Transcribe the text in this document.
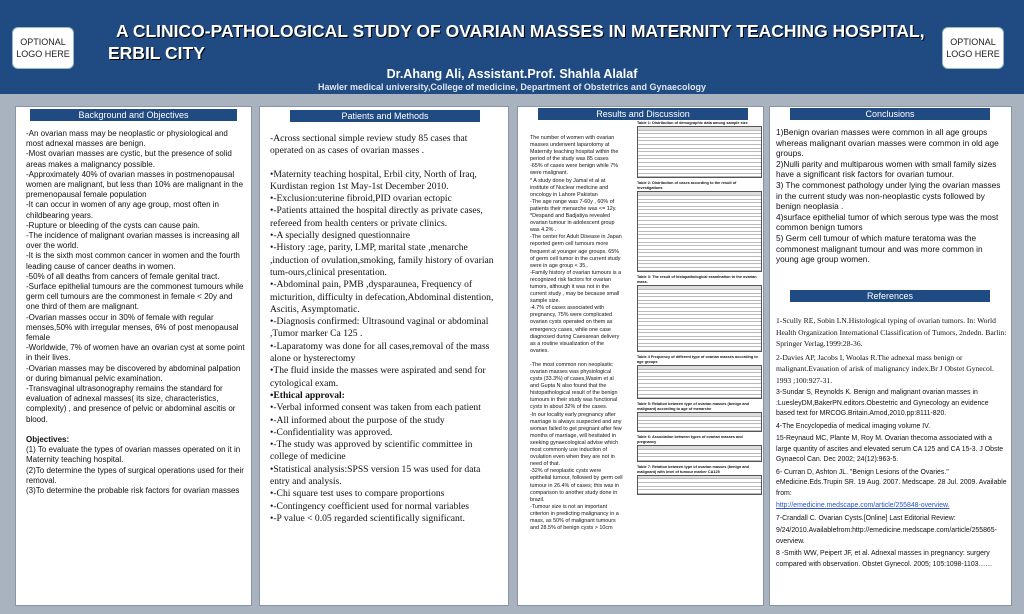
OPTIONAL LOGO HERE
A CLINICO-PATHOLOGICAL STUDY OF OVARIAN MASSES IN MATERNITY TEACHING HOSPITAL, ERBIL CITY
Dr.Ahang Ali, Assistant.Prof. Shahla Alalaf
Hawler medical university,College of medicine, Department of Obstetrics and Gynaecology
OPTIONAL LOGO HERE
Background and Objectives

-An ovarian mass may be neoplastic or physiological and most adnexal masses are benign.

-Most ovarian masses are cystic, but the presence of solid areas makes a malignancy possible.

-Approximately 40% of ovarian masses in postmenopausal women are malignant, but less than 10% are malignant in the premenopausal female population

-It can occur in women of any age group, most often in childbearing years.

-Rupture or bleeding of the cysts can cause pain.

-The incidence of malignant ovarian masses is increasing all over the world.

-It is the sixth most common cancer in women and the fourth leading cause of cancer deaths in women.

-50% of all deaths from cancers of female genital tract.

-Surface epithelial tumours are the commonest tumours while germ cell tumours are the commonest in female < 20y and one third of them are malignant.

-Ovarian masses occur in 30% of female with regular menses,50% with irregular menses, 6% of post menopausal female

-Worldwide, 7% of women have an ovarian cyst at some point in their lives.

-Ovarian masses may be discovered by abdominal palpation or during bimanual pelvic examination.

-Transvaginal ultrasonography remains the standard for evaluation of adnexal masses( its size, characteristics, complexity) , and presence of pelvic or abdominal ascitis or blood.

Objectives:

(1) To evaluate the types of ovarian masses operated on it in Maternity teaching hospital.

(2)To determine the types of surgical operations used for their removal.

(3)To determine the probable risk factors for ovarian masses

Patients and Methods

-Across sectional simple review study 85 cases that operated on as cases of ovarian masses .

•Maternity teaching hospital, Erbil city, North of Iraq, Kurdistan region 1st May-1st December 2010.

•-Exclusion:uterine fibroid,PID ovarian ectopic

•-Patients attained the hospital directly as private cases, refereed from health centers or private clinics.

•-A specially designed questionnaire

•-History :age, parity, LMP, marital state ,menarche ,induction of ovulation,smoking, family history of ovarian tum-ours,clinical presentation.

•-Abdominal pain, PMB ,dysparaunea, Frequency of micturition, difficulty in defecation,Abdominal distention, Ascitis, Asymptomatic.

•-Diagnosis confirmed: Ultrasound vaginal or abdominal ,Tumor marker Ca 125 .

•-Laparatomy was done for all cases,removal of the mass alone or hysterectomy

•The fluid inside the masses were aspirated and send for cytological exam.

•Ethical approval:

•-Verbal informed consent was taken from each patient

•-All informed about the purpose of the study

•-Confidentiality was approved.

•-The study was approved by scientific committee in college of medicine

•Statistical analysis:SPSS version 15 was used for data entry and analysis.

•-Chi square test uses to compare proportions

•-Contingency coefficient used for normal variables

•-P value < 0.05 regarded scientifically significant.

Results and Discussion

The number of women with ovarian masses underwent laparotomy at Maternity teaching hospital within the period of the study was 85 cases

-65% of cases were benign while 7% were malignant.

* A study done by Jamal et al at institute of Nuclear medicine and oncology in Lahore Pakistan

-The age range was 7-60y , 60% of patients their menarche was <= 12y.

*Despand and Badjatiya revealed ovarian tumour in adolescent group was 4.2% .

-The center for Adult Disease in Japan reported germ cell tumours more frequent at younger age groups. 65% of germ cell tumor in the current study were in age group < 35,.

-Family history of ovarian tumours is a recognized risk factors for ovarian tumors, although it was not in the current study , may be because small sample size.

-4.7% of cases associated with pregnancy, 75% were complicated ovarian cysts operated on them as emergency cases, while one case diagnosed during Caesarean delivery as a routine visualization of the ovaries.

-The most common non neoplastic ovarian masses was physiological cysts (33.3%) of cases,Wasim et al and Gupta N also found that the histopathological result of the benign tumours in their study was functional cysts in about 32% of the cases.

-In our locality early pregnancy after marriage is always suspected and any woman failed to get pregnant after few months of marriage, will hesitated in seeking gynaecological advise which most commonly use induction of ovulation even when they are not in need of that.

-32% of neoplastic cysts were epithelial tumour, followed by germ cell tumour in 26.4% of cases; this was in comparison to another study done in brazil.

-Tumour size is not an important criterion in predicting malignancy in a mass, as 50% of malignant tumours and 28.5% of benign cysts > 10cm

Table 1: Distribution of demographic data among sample size
Table 2: Distribution of cases according to the result of investigations
Table 3: The result of histopathological examination to the ovarian mass.
Table 4 Frequency of different type of ovarian masses according to age groups
Table 5: Relation between type of ovarian masses (benign and malignant) according to age of menarche
Table 6: Association between types of ovarian masses and pregnancy
Table 7: Relation between type of ovarian masses (benign and malignant) with level of tumour marker CA125
Conclusions

1)Benign ovarian masses were common in all age groups whereas malignant ovarian masses were common in old age groups.

2)Nulli parity and multiparous women with small family sizes have a significant risk factors for ovarian tumour.

3) The commonest pathology under lying the ovarian masses in the current study was non-neoplastic cysts followed by benign neoplasia .

4)surface epithelial tumor of which serous type was the most common benign tumors

5) Germ cell tumour of which mature teratoma was the commonest malignant tumour and was more common in young age group women.

References

1-Scully RE, Sobin LN.Histological typing of ovarian tumors. In: World Health Organization International Classification of Tumors, 2ndedn. Barlin: Springer Verlag.1999:28-36.

2-Davies AP, Jacobs I, Woolas R.The adnexal mass benign or malignant.Evauation of arisk of malignancy index.Br J Obstet Gynecol. 1993 ;100:927-31.

3-Sundar S, Reynolds K. Benign and malignant ovarian masses in :LuesleyDM,BakerPN.editors.Obestetric and Gynecology an evidence based text for MRCOG.Britain.Amod,2010.pp:8111-820.

4-The Encyclopedia of medical imaging volume IV.

15-Reynaud MC, Plante M, Roy M. Ovarian thecoma associated with a large quantity of ascites and elevated serum CA 125 and CA 15-3. J Obste Gynaecol Can. Dec 2002; 24(12):963-5.

6- Curran D, Ashton JL. "Benign Lesions of the Ovaries." eMedicine.Eds.Trupin SR. 19 Aug. 2007. Medscape. 28 Jul. 2009. Available from:

http://emedicine.medscape.com/article/255848-overview.

7-Crandall C. Ovarian Cysts.[Online] Last Editorial Review:

9/24/2010.Availablefrom:http://emedicine.medscape.com/article/255865-overview.

8 -Smith WW, Peipert JF, et al. Adnexal masses in pregnancy: surgery compared with observation. Obstet Gynecol. 2005; 105:1098-1103……
